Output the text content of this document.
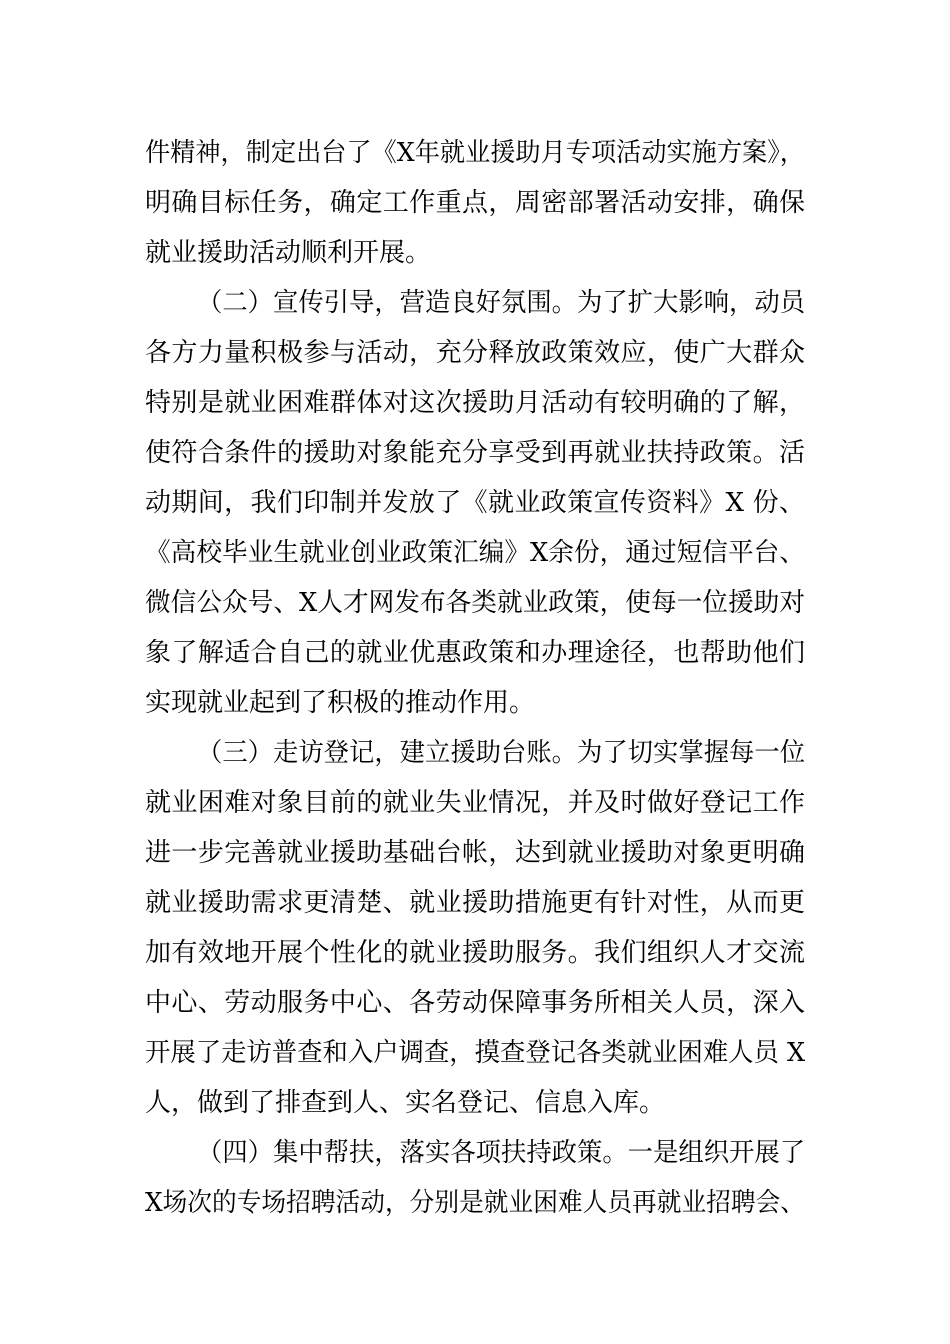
件精神，制定出台了《X年就业援助月专项活动实施方案》，
明确目标任务，确定工作重点，周密部署活动安排，确保
就业援助活动顺利开展。
（二）宣传引导，营造良好氛围。为了扩大影响，动员
各方力量积极参与活动，充分释放政策效应，使广大群众
特别是就业困难群体对这次援助月活动有较明确的了解，
使符合条件的援助对象能充分享受到再就业扶持政策。活
动期间，我们印制并发放了《就业政策宣传资料》X 份、
《高校毕业生就业创业政策汇编》X余份，通过短信平台、
微信公众号、X人才网发布各类就业政策，使每一位援助对
象了解适合自己的就业优惠政策和办理途径，也帮助他们
实现就业起到了积极的推动作用。
（三）走访登记，建立援助台账。为了切实掌握每一位
就业困难对象目前的就业失业情况，并及时做好登记工作
进一步完善就业援助基础台帐，达到就业援助对象更明确
就业援助需求更清楚、就业援助措施更有针对性，从而更
加有效地开展个性化的就业援助服务。我们组织人才交流
中心、劳动服务中心、各劳动保障事务所相关人员，深入
开展了走访普查和入户调查，摸查登记各类就业困难人员 X
人，做到了排查到人、实名登记、信息入库。
（四）集中帮扶，落实各项扶持政策。一是组织开展了
X场次的专场招聘活动，分别是就业困难人员再就业招聘会、
